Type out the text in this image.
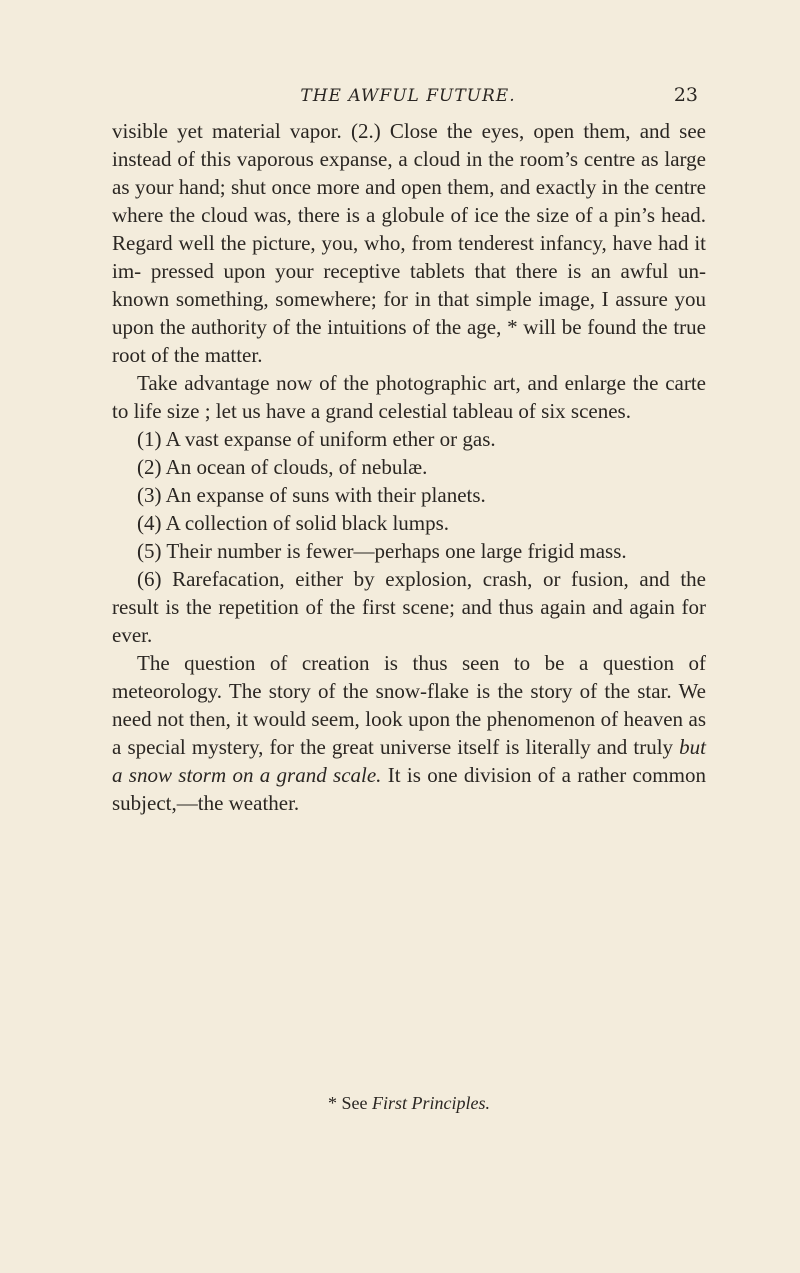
THE AWFUL FUTURE.	23

visible yet material vapor. (2.) Close the eyes, open them, and see instead of this vaporous expanse, a cloud in the room’s centre as large as your hand; shut once more and open them, and exactly in the centre where the cloud was, there is a globule of ice the size of a pin’s head. Regard well the picture, you, who, from tenderest infancy, have had it im- pressed upon your receptive tablets that there is an awful un- known something, somewhere; for in that simple image, I assure you upon the authority of the intuitions of the age, * will be found the true root of the matter.

Take advantage now of the photographic art, and enlarge the carte to life size ; let us have a grand celestial tableau of six scenes.

(1) A vast expanse of uniform ether or gas.

(2) An ocean of clouds, of nebulæ.

(3) An expanse of suns with their planets.

(4) A collection of solid black lumps.

(5) Their number is fewer—perhaps one large frigid mass.

(6) Rarefacation, either by explosion, crash, or fusion, and the result is the repetition of the first scene; and thus again and again for ever.

The question of creation is thus seen to be a question of meteorology. The story of the snow-flake is the story of the star. We need not then, it would seem, look upon the phenomenon of heaven as a special mystery, for the great universe itself is literally and truly but a snow storm on a grand scale. It is one division of a rather common subject,—the weather.

* See First Principles.
